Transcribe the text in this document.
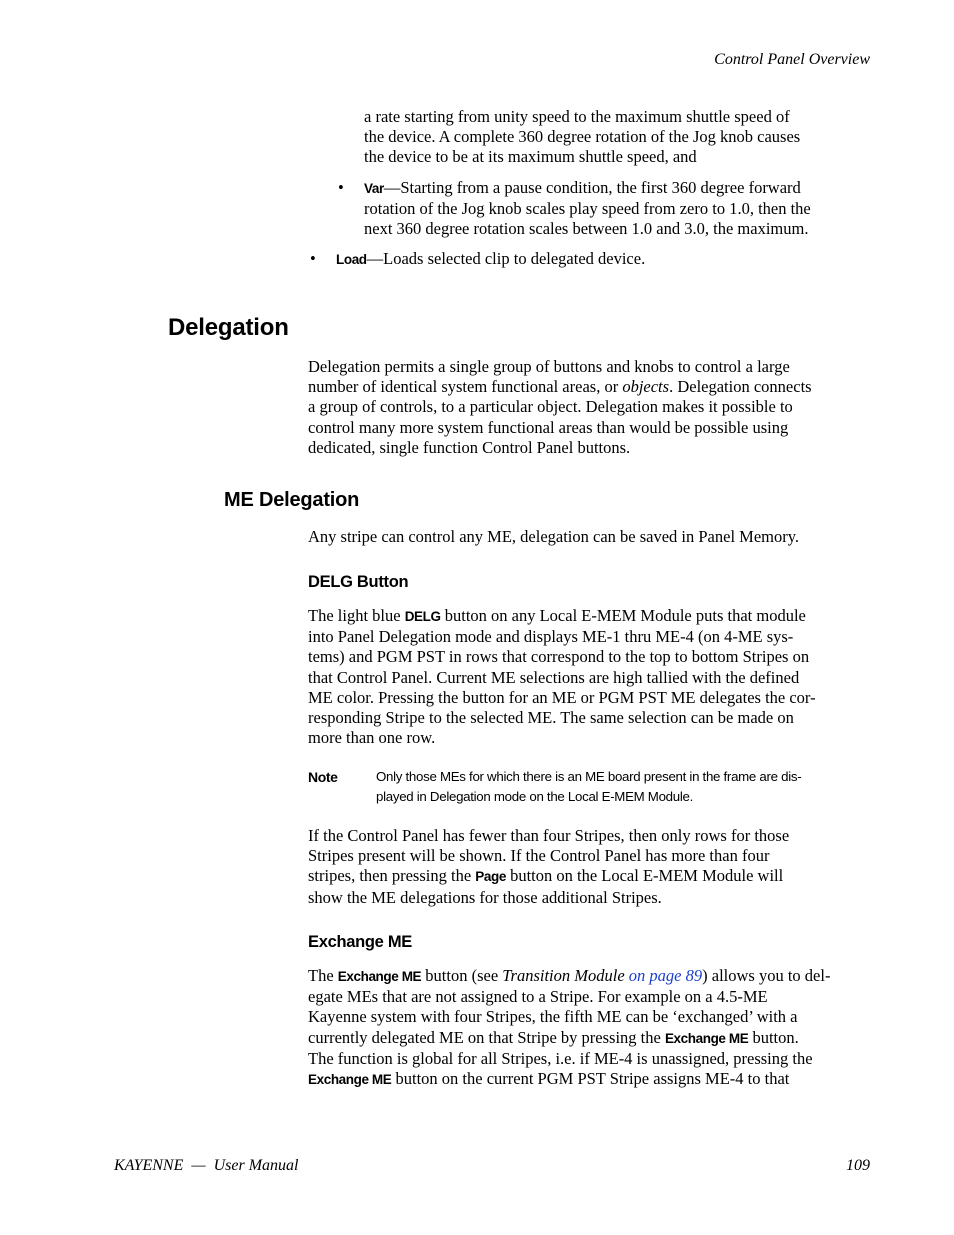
Control Panel Overview
a rate starting from unity speed to the maximum shuttle speed of
the device. A complete 360 degree rotation of the Jog knob causes
the device to be at its maximum shuttle speed, and
• Var—Starting from a pause condition, the first 360 degree forward
rotation of the Jog knob scales play speed from zero to 1.0, then the
next 360 degree rotation scales between 1.0 and 3.0, the maximum.
• Load—Loads selected clip to delegated device.
Delegation
Delegation permits a single group of buttons and knobs to control a large
number of identical system functional areas, or objects. Delegation connects
a group of controls, to a particular object. Delegation makes it possible to
control many more system functional areas than would be possible using
dedicated, single function Control Panel buttons.
ME Delegation
Any stripe can control any ME, delegation can be saved in Panel Memory.
DELG Button
The light blue DELG button on any Local E-MEM Module puts that module
into Panel Delegation mode and displays ME-1 thru ME-4 (on 4-ME sys-
tems) and PGM PST in rows that correspond to the top to bottom Stripes on
that Control Panel. Current ME selections are high tallied with the defined
ME color. Pressing the button for an ME or PGM PST ME delegates the cor-
responding Stripe to the selected ME. The same selection can be made on
more than one row.
Note	Only those MEs for which there is an ME board present in the frame are dis-
played in Delegation mode on the Local E-MEM Module.
If the Control Panel has fewer than four Stripes, then only rows for those
Stripes present will be shown. If the Control Panel has more than four
stripes, then pressing the Page button on the Local E-MEM Module will
show the ME delegations for those additional Stripes.
Exchange ME
The Exchange ME button (see Transition Module on page 89) allows you to del-
egate MEs that are not assigned to a Stripe. For example on a 4.5-ME
Kayenne system with four Stripes, the fifth ME can be ‘exchanged’ with a
currently delegated ME on that Stripe by pressing the Exchange ME button.
The function is global for all Stripes, i.e. if ME-4 is unassigned, pressing the
Exchange ME button on the current PGM PST Stripe assigns ME-4 to that
KAYENNE  —  User Manual	109
